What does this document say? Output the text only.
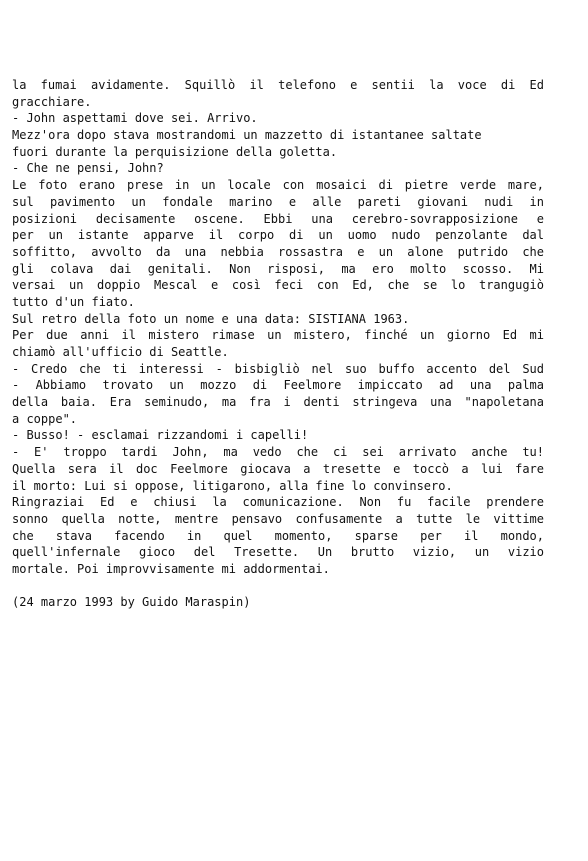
la fumai avidamente. Squillò il telefono e sentii la voce di Ed
gracchiare.
- John aspettami dove sei. Arrivo.
Mezz'ora dopo stava mostrandomi un mazzetto di istantanee saltate
fuori durante la perquisizione della goletta.
- Che ne pensi, John?
Le foto erano prese in un locale con mosaici di pietre verde mare,
sul pavimento un fondale marino e alle pareti giovani nudi in
posizioni decisamente oscene. Ebbi una cerebro-sovrapposizione e
per un istante apparve il corpo di un uomo nudo penzolante dal
soffitto, avvolto da una nebbia rossastra e un alone putrido che
gli colava dai genitali. Non risposi, ma ero molto scosso. Mi
versai un doppio Mescal e così feci con Ed, che se lo trangugiò
tutto d'un fiato.
Sul retro della foto un nome e una data: SISTIANA 1963.
Per due anni il mistero rimase un mistero, finché un giorno Ed mi
chiamò all'ufficio di Seattle.
- Credo che ti interessi - bisbigliò nel suo buffo accento del Sud
- Abbiamo trovato un mozzo di Feelmore impiccato ad una palma
della baia. Era seminudo, ma fra i denti stringeva una "napoletana
a coppe".
- Busso! - esclamai rizzandomi i capelli!
- E' troppo tardi John, ma vedo che ci sei arrivato anche tu!
Quella sera il doc Feelmore giocava a tresette e toccò a lui fare
il morto: Lui si oppose, litigarono, alla fine lo convinsero.
Ringraziai Ed e chiusi la comunicazione. Non fu facile prendere
sonno quella notte, mentre pensavo confusamente a tutte le vittime
che stava facendo in quel momento, sparse per il mondo,
quell'infernale gioco del Tresette. Un brutto vizio, un vizio
mortale. Poi improvvisamente mi addormentai.
(24 marzo 1993 by Guido Maraspin)
